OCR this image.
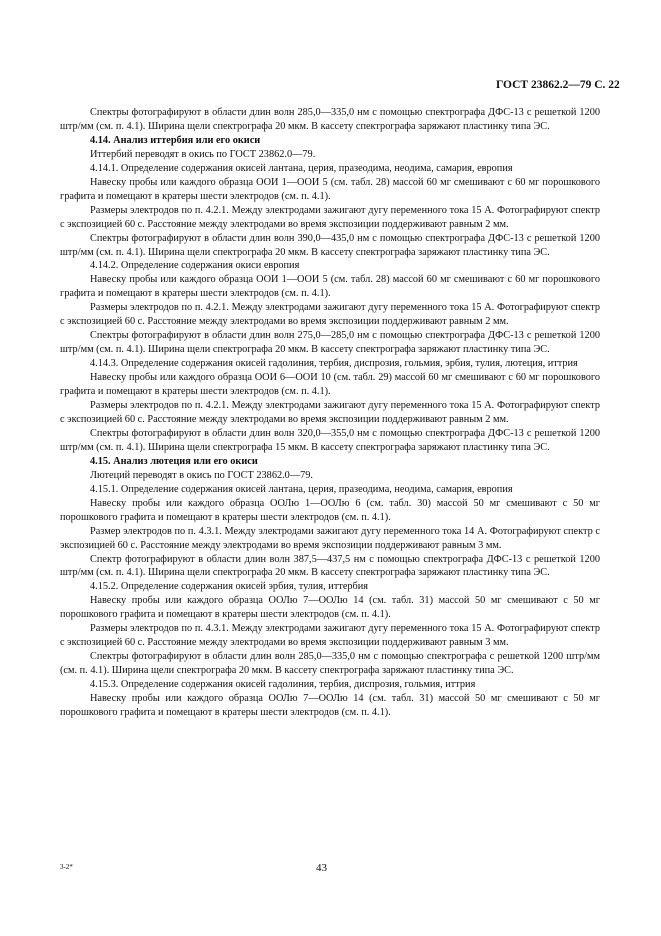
ГОСТ 23862.2—79 С. 22

Спектры фотографируют в области длин волн 285,0—335,0 нм с помощью спектрографа ДФС-13 с решеткой 1200 штр/мм (см. п. 4.1). Ширина щели спектрографа 20 мкм. В кассету спектрографа заряжают пластинку типа ЭС.

4.14. Анализ иттербия или его окиси

Иттербий переводят в окись по ГОСТ 23862.0—79.

4.14.1. Определение содержания окисей лантана, церия, празеодима, неодима, самария, европия

Навеску пробы или каждого образца ООИ 1—ООИ 5 (см. табл. 28) массой 60 мг смешивают с 60 мг порошкового графита и помещают в кратеры шести электродов (см. п. 4.1).

Размеры электродов по п. 4.2.1. Между электродами зажигают дугу переменного тока 15 А. Фотографируют спектр с экспозицией 60 с. Расстояние между электродами во время экспозиции поддерживают равным 2 мм.

Спектры фотографируют в области длин волн 390,0—435,0 нм с помощью спектрографа ДФС-13 с решеткой 1200 штр/мм (см. п. 4.1). Ширина щели спектрографа 20 мкм. В кассету спектрографа заряжают пластинку типа ЭС.

4.14.2. Определение содержания окиси европия

Навеску пробы или каждого образца ООИ 1—ООИ 5 (см. табл. 28) массой 60 мг смешивают с 60 мг порошкового графита и помещают в кратеры шести электродов (см. п. 4.1).

Размеры электродов по п. 4.2.1. Между электродами зажигают дугу переменного тока 15 А. Фотографируют спектр с экспозицией 60 с. Расстояние между электродами во время экспозиции поддерживают равным 2 мм.

Спектры фотографируют в области длин волн 275,0—285,0 нм с помощью спектрографа ДФС-13 с решеткой 1200 штр/мм (см. п. 4.1). Ширина щели спектрографа 20 мкм. В кассету спектрографа заряжают пластинку типа ЭС.

4.14.3. Определение содержания окисей гадолиния, тербия, диспрозия, гольмия, эрбия, тулия, лютеция, иттрия

Навеску пробы или каждого образца ООИ 6—ООИ 10 (см. табл. 29) массой 60 мг смешивают с 60 мг порошкового графита и помещают в кратеры шести электродов (см. п. 4.1).

Размеры электродов по п. 4.2.1. Между электродами зажигают дугу переменного тока 15 А. Фотографируют спектр с экспозицией 60 с. Расстояние между электродами во время экспозиции поддерживают равным 2 мм.

Спектры фотографируют в области длин волн 320,0—355,0 нм с помощью спектрографа ДФС-13 с решеткой 1200 штр/мм (см. п. 4.1). Ширина щели спектрографа 15 мкм. В кассету спектрографа заряжают пластинку типа ЭС.

4.15. Анализ лютеция или его окиси

Лютеций переводят в окись по ГОСТ 23862.0—79.

4.15.1. Определение содержания окисей лантана, церия, празеодима, неодима, самария, европия

Навеску пробы или каждого образца ООЛю 1—ООЛю 6 (см. табл. 30) массой 50 мг смешивают с 50 мг порошкового графита и помещают в кратеры шести электродов (см. п. 4.1).

Размер электродов по п. 4.3.1. Между электродами зажигают дугу переменного тока 14 А. Фотографируют спектр с экспозицией 60 с. Расстояние между электродами во время экспозиции поддерживают равным 3 мм.

Спектр фотографируют в области длин волн 387,5—437,5 нм с помощью спектрографа ДФС-13 с решеткой 1200 штр/мм (см. п. 4.1). Ширина щели спектрографа 20 мкм. В кассету спектрографа заряжают пластинку типа ЭС.

4.15.2. Определение содержания окисей эрбия, тулия, иттербия

Навеску пробы или каждого образца ООЛю 7—ООЛю 14 (см. табл. 31) массой 50 мг смешивают с 50 мг порошкового графита и помещают в кратеры шести электродов (см. п. 4.1).

Размеры электродов по п. 4.3.1. Между электродами зажигают дугу переменного тока 15 А. Фотографируют спектр с экспозицией 60 с. Расстояние между электродами во время экспозиции поддерживают равным 3 мм.

Спектры фотографируют в области длин волн 285,0—335,0 нм с помощью спектрографа с решеткой 1200 штр/мм (см. п. 4.1). Ширина щели спектрографа 20 мкм. В кассету спектрографа заряжают пластинку типа ЭС.

4.15.3. Определение содержания окисей гадолиния, тербия, диспрозия, гольмия, иттрия

Навеску пробы или каждого образца ООЛю 7—ООЛю 14 (см. табл. 31) массой 50 мг смешивают с 50 мг порошкового графита и помещают в кратеры шести электродов (см. п. 4.1).

3-2*	43
